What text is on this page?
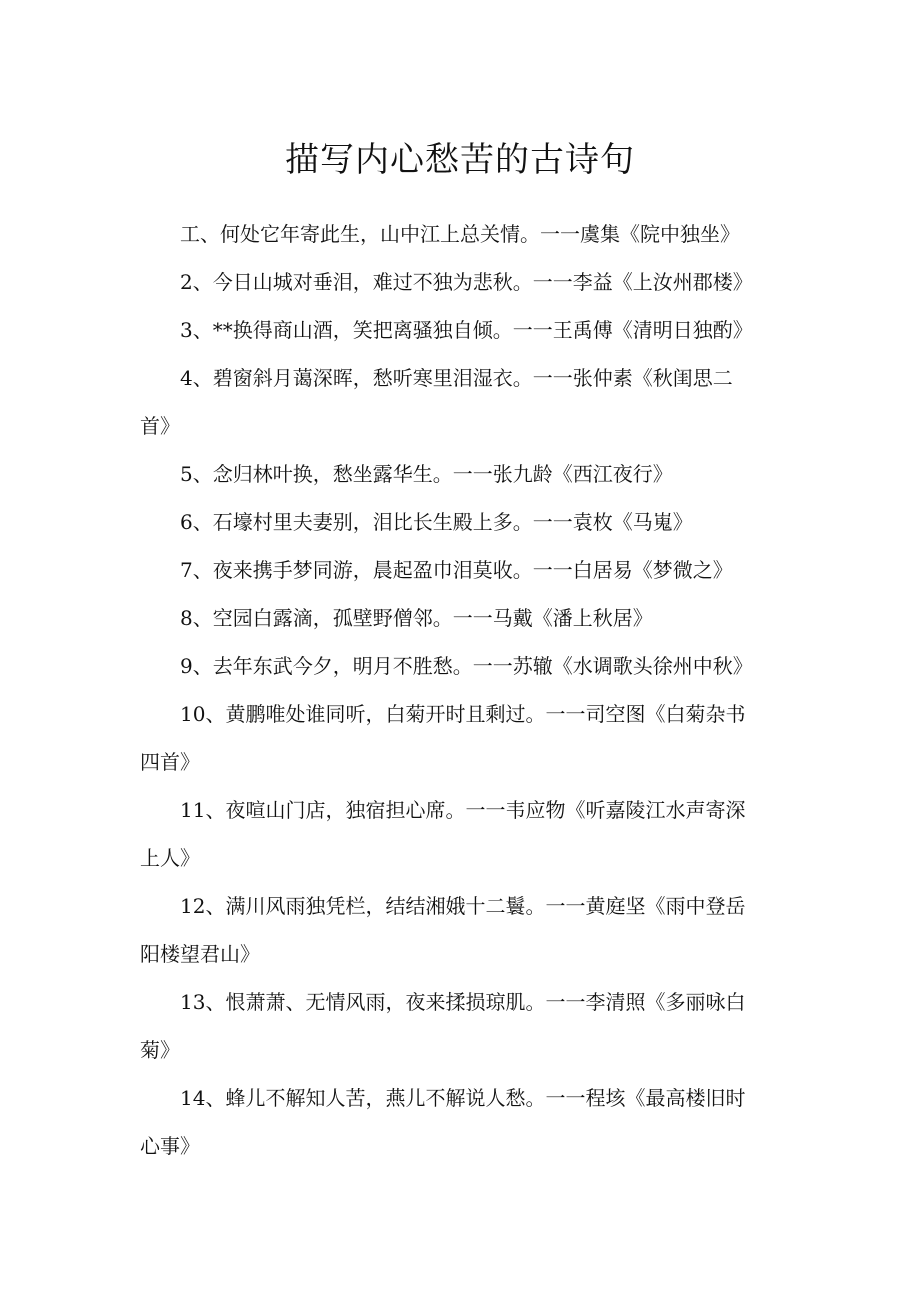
描写内心愁苦的古诗句
工、何处它年寄此生，山中江上总关情。一一虞集《院中独坐》
2、今日山城对垂泪，难过不独为悲秋。一一李益《上汝州郡楼》
3、**换得商山酒，笑把离骚独自倾。一一王禹傅《清明日独酌》
4、碧窗斜月蔼深晖，愁听寒里泪湿衣。一一张仲素《秋闺思二
首》
5、念归林叶换，愁坐露华生。一一张九龄《西江夜行》
6、石壕村里夫妻别，泪比长生殿上多。一一袁枚《马嵬》
7、夜来携手梦同游，晨起盈巾泪莫收。一一白居易《梦微之》
8、空园白露滴，孤壁野僧邻。一一马戴《潘上秋居》
9、去年东武今夕，明月不胜愁。一一苏辙《水调歌头徐州中秋》
10、黄鹏唯处谁同听，白菊开时且剩过。一一司空图《白菊杂书
四首》
11、夜喧山门店，独宿担心席。一一韦应物《听嘉陵江水声寄深
上人》
12、满川风雨独凭栏，结结湘娥十二鬟。一一黄庭坚《雨中登岳
阳楼望君山》
13、恨萧萧、无情风雨，夜来揉损琼肌。一一李清照《多丽咏白
菊》
14、蜂儿不解知人苦，燕儿不解说人愁。一一程垓《最高楼旧时
心事》
